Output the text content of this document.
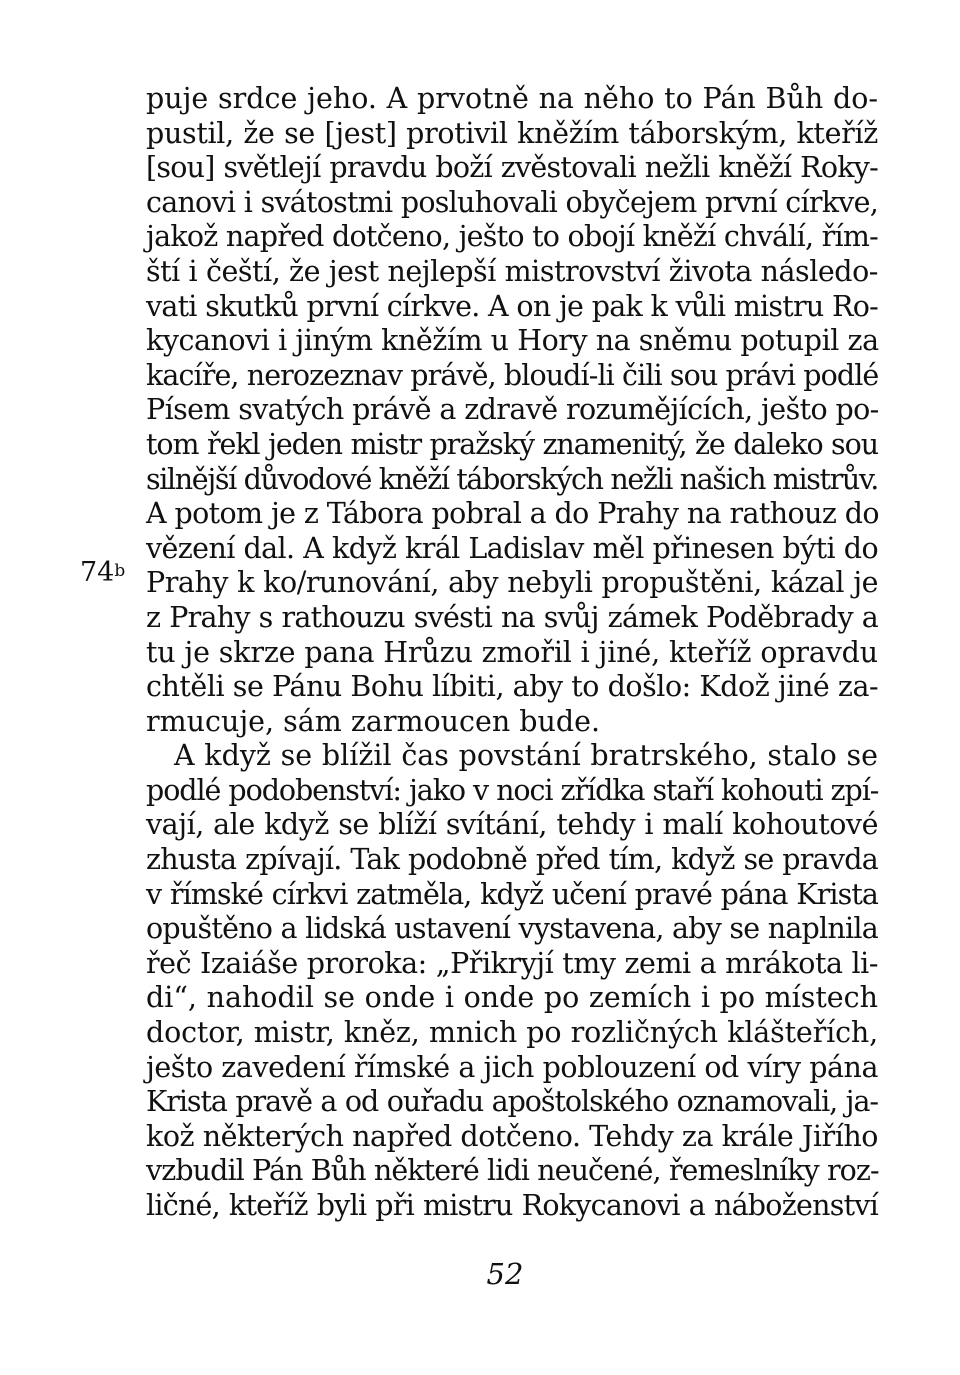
puje srdce jeho. A prvotně na něho to Pán Bůh do-
pustil, že se [jest] protivil kněžím táborským, kteříž
[sou] světlejí pravdu boží zvěstovali nežli kněží Roky-
canovi i svátostmi posluhovali obyčejem první církve,
jakož napřed dotčeno, ješto to obojí kněží chválí, řím-
ští i čeští, že jest nejlepší mistrovství života následo-
vati skutků první církve. A on je pak k vůli mistru Ro-
kycanovi i jiným kněžím u Hory na sněmu potupil za
kacíře, nerozeznav právě, bloudí-li čili sou právi podlé
Písem svatých právě a zdravě rozumějících, ješto po-
tom řekl jeden mistr pražský znamenitý, že daleko sou
silnější důvodové kněží táborských nežli našich mistrův.
A potom je z Tábora pobral a do Prahy na rathouz do
vězení dal. A když král Ladislav měl přinesen býti do
Prahy k ko/runování, aby nebyli propuštěni, kázal je
z Prahy s rathouzu svésti na svůj zámek Poděbrady a
tu je skrze pana Hrůzu zmořil i jiné, kteříž opravdu
chtěli se Pánu Bohu líbiti, aby to došlo: Kdož jiné za-
rmucuje, sám zarmoucen bude.
A když se blížil čas povstání bratrského, stalo se
podlé podobenství: jako v noci zřídka staří kohouti zpí-
vají, ale když se blíží svítání, tehdy i malí kohoutové
zhusta zpívají. Tak podobně před tím, když se pravda
v římské církvi zatměla, když učení pravé pána Krista
opuštěno a lidská ustavení vystavena, aby se naplnila
řeč Izaiáše proroka: „Přikryjí tmy zemi a mrákota li-
di“, nahodil se onde i onde po zemích i po místech
doctor, mistr, kněz, mnich po rozličných klášteřích,
ješto zavedení římské a jich poblouzení od víry pána
Krista pravě a od ouřadu apoštolského oznamovali, ja-
kož některých napřed dotčeno. Tehdy za krále Jiřího
vzbudil Pán Bůh některé lidi neučené, řemeslníky roz-
ličné, kteříž byli při mistru Rokycanovi a náboženství
74$^b$
52
